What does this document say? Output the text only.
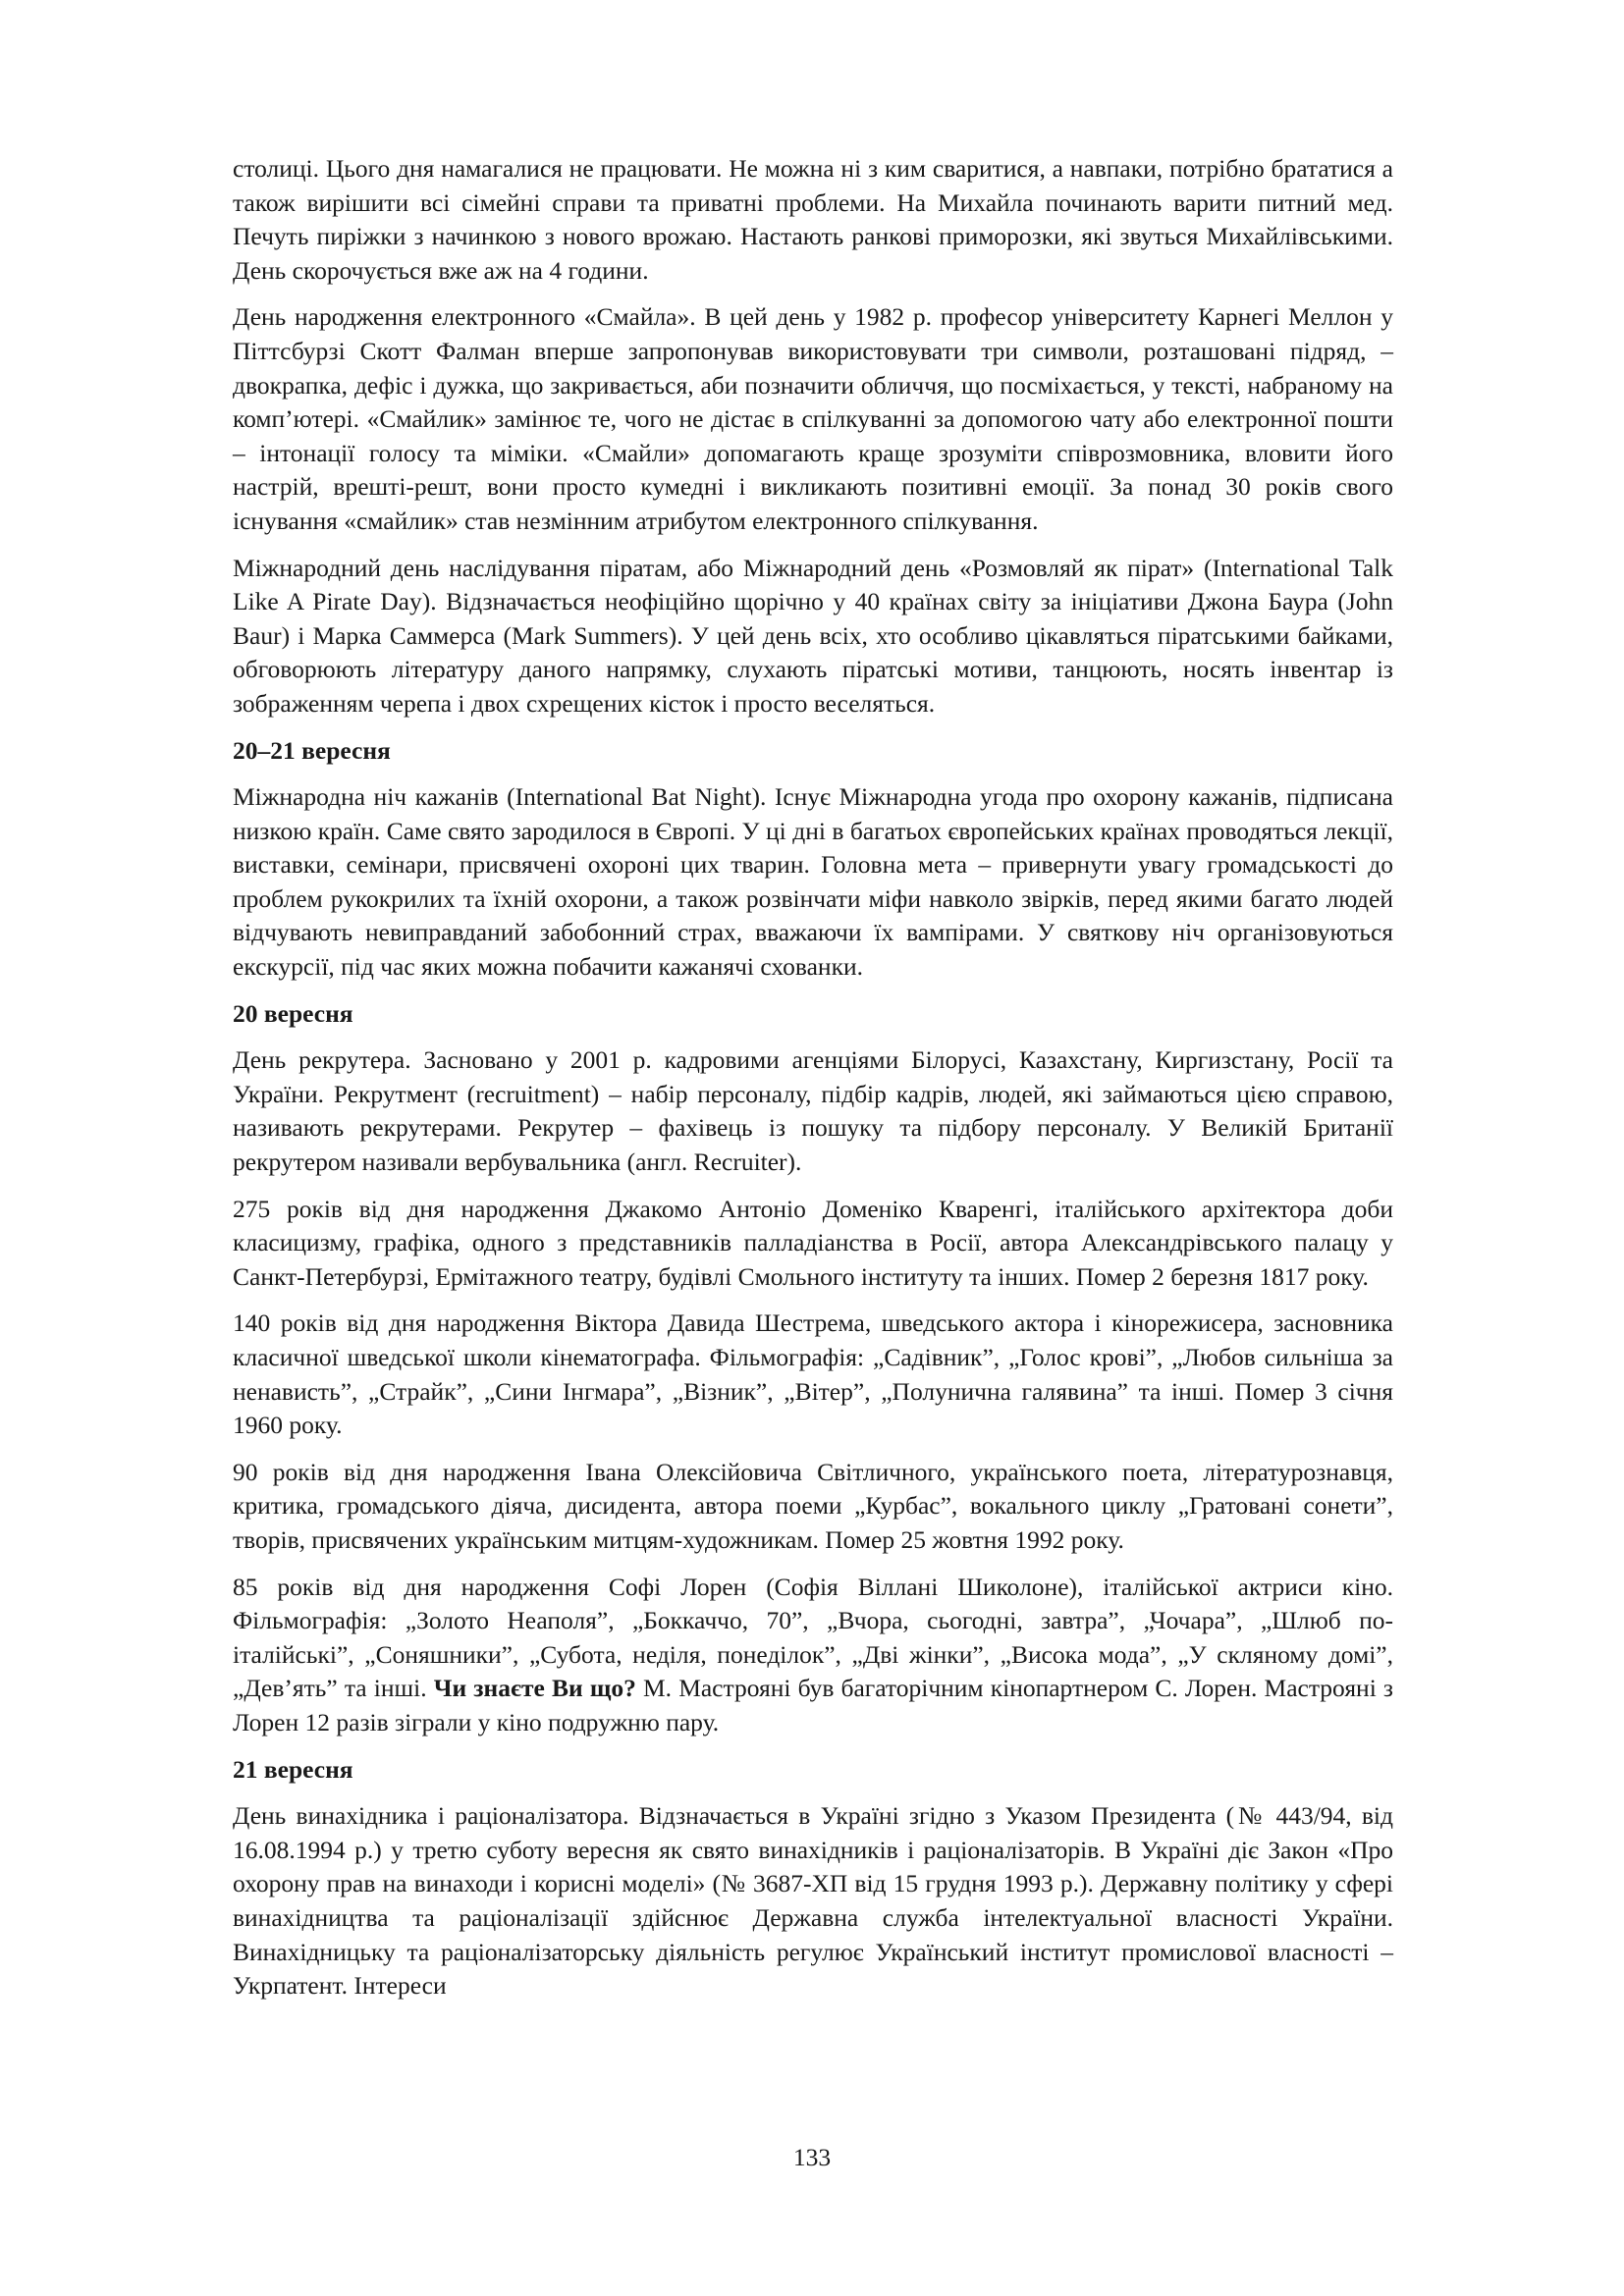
столиці. Цього дня намагалися не працювати. Не можна ні з ким сваритися, а навпаки, потрібно брататися а також вирішити всі сімейні справи та приватні проблеми. На Михайла починають варити питний мед. Печуть пиріжки з начинкою з нового врожаю. Настають ранкові приморозки, які звуться Михайлівськими. День скорочується вже аж на 4 години.

День народження електронного «Смайла». В цей день у 1982 р. професор університету Карнегі Меллон у Піттсбурзі Скотт Фалман вперше запропонував використовувати три символи, розташовані підряд, – двокрапка, дефіс і дужка, що закривається, аби позначити обличчя, що посміхається, у тексті, набраному на комп’ютері. «Смайлик» замінює те, чого не дістає в спілкуванні за допомогою чату або електронної пошти – інтонації голосу та міміки. «Смайли» допомагають краще зрозуміти співрозмовника, вловити його настрій, врешті-решт, вони просто кумедні і викликають позитивні емоції. За понад 30 років свого існування «смайлик» став незмінним атрибутом електронного спілкування.

Міжнародний день наслідування піратам, або Міжнародний день «Розмовляй як пірат» (International Talk Like A Pirate Day). Відзначається неофіційно щорічно у 40 країнах світу за ініціативи Джона Баура (John Baur) і Марка Саммерса (Mark Summers). У цей день всіх, хто особливо цікавляться піратськими байками, обговорюють літературу даного напрямку, слухають піратські мотиви, танцюють, носять інвентар із зображенням черепа і двох схрещених кісток і просто веселяться.

20–21 вересня

Міжнародна ніч кажанів (International Bat Night). Існує Міжнародна угода про охорону кажанів, підписана низкою країн. Саме свято зародилося в Європі. У ці дні в багатьох європейських країнах проводяться лекції, виставки, семінари, присвячені охороні цих тварин. Головна мета – привернути увагу громадськості до проблем рукокрилих та їхній охорони, а також розвінчати міфи навколо звірків, перед якими багато людей відчувають невиправданий забобонний страх, вважаючи їх вампірами. У святкову ніч організовуються екскурсії, під час яких можна побачити кажанячі схованки.

20 вересня

День рекрутера. Засновано у 2001 р. кадровими агенціями Білорусі, Казахстану, Киргизстану, Росії та України. Рекрутмент (recruitment) – набір персоналу, підбір кадрів, людей, які займаються цією справою, називають рекрутерами. Рекрутер – фахівець із пошуку та підбору персоналу. У Великій Британії рекрутером називали вербувальника (англ. Recruiter).

275 років від дня народження Джакомо Антоніо Доменіко Кваренгі, італійського архітектора доби класицизму, графіка, одного з представників палладіанства в Росії, автора Александрівського палацу у Санкт-Петербурзі, Ермітажного театру, будівлі Смольного інституту та інших. Помер 2 березня 1817 року.

140 років від дня народження Віктора Давида Шестрема, шведського актора і кінорежисера, засновника класичної шведської школи кінематографа. Фільмографія: „Садівник”, „Голос крові”, „Любов сильніша за ненависть”, „Страйк”, „Сини Інгмара”, „Візник”, „Вітер”, „Полунична галявина” та інші. Помер 3 січня 1960 року.

90 років від дня народження Івана Олексійовича Світличного, українського поета, літературознавця, критика, громадського діяча, дисидента, автора поеми „Курбас”, вокального циклу „Гратовані сонети”, творів, присвячених українським митцям-художникам. Помер 25 жовтня 1992 року.

85 років від дня народження Софі Лорен (Софія Віллані Шиколоне), італійської актриси кіно. Фільмографія: „Золото Неаполя”, „Боккаччо, 70”, „Вчора, сьогодні, завтра”, „Чочара”, „Шлюб по-італійські”, „Соняшники”, „Субота, неділя, понеділок”, „Дві жінки”, „Висока мода”, „У скляному домі”, „Дев’ять” та інші. Чи знаєте Ви що? М. Мастрояні був багаторічним кінопартнером С. Лорен. Мастрояні з Лорен 12 разів зіграли у кіно подружню пару.

21 вересня

День винахідника і раціоналізатора. Відзначається в Україні згідно з Указом Президента (№ 443/94, від 16.08.1994 р.) у третю суботу вересня як свято винахідників і раціоналізаторів. В Україні діє Закон «Про охорону прав на винаходи і корисні моделі» (№ 3687-ХП від 15 грудня 1993 р.). Державну політику у сфері винахідництва та раціоналізації здійснює Державна служба інтелектуальної власності України. Винахідницьку та раціоналізаторську діяльність регулює Український інститут промислової власності – Укрпатент. Інтереси

133
